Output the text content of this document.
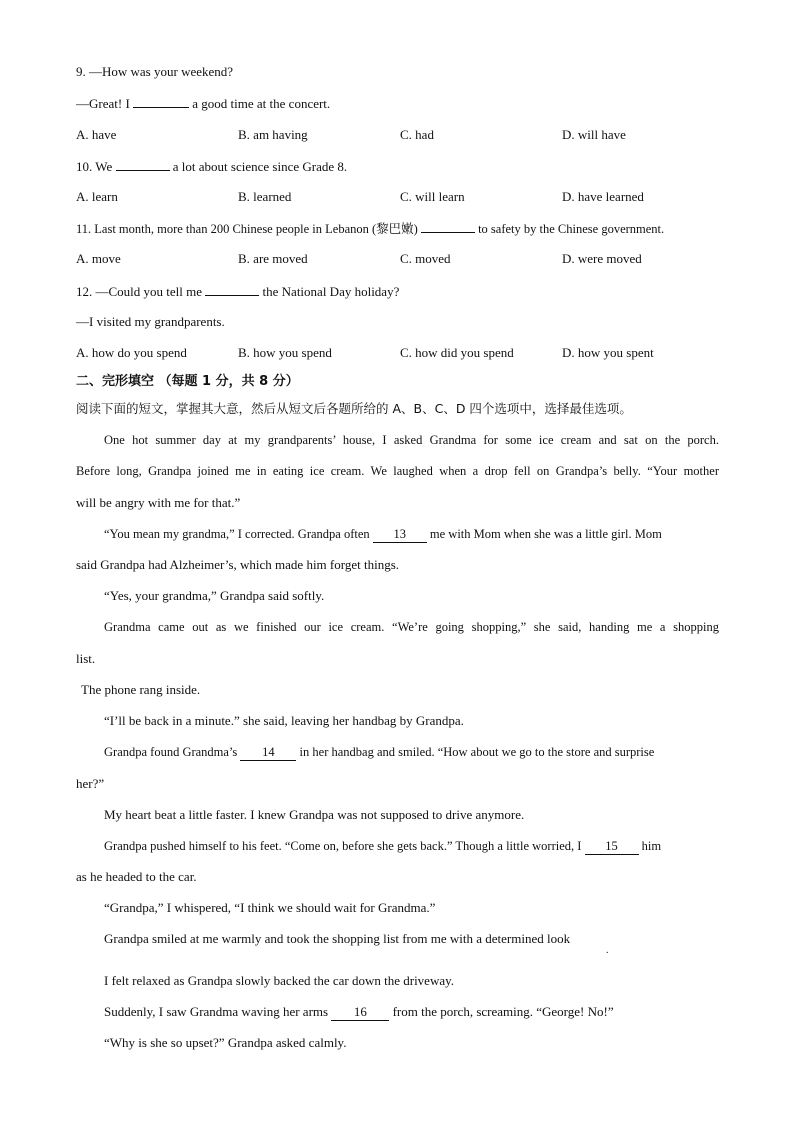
9. —How was your weekend?
—Great! I	a good time at the concert.
A. have	B. am having	C. had	D. will have
10. We	a lot about science since Grade 8.
A. learn	B. learned	C. will learn	D. have learned
11. Last month, more than 200 Chinese people in Lebanon (黎巴嫩)	to safety by the Chinese government.
A. move	B. are moved	C. moved	D. were moved
12. —Could you tell me	the National Day holiday?
—I visited my grandparents.
A. how do you spend	B. how you spend	C. how did you spend	D. how you spent
二、完形填空 （每题 1 分，共 8 分）
阅读下面的短文，掌握其大意，然后从短文后各题所给的 A、B、C、D 四个选项中，选择最佳选项。
One hot summer day at my grandparents’ house, I asked Grandma for some ice cream and sat on the porch.
Before long, Grandpa joined me in eating ice cream. We laughed when a drop fell on Grandpa’s belly. “Your mother
will be angry with me for that.”
“You mean my grandma,” I corrected. Grandpa often 13 me with Mom when she was a little girl. Mom
said Grandpa had Alzheimer’s, which made him forget things.
“Yes, your grandma,” Grandpa said softly.
Grandma came out as we finished our ice cream. “We’re going shopping,” she said, handing me a shopping
list.
The phone rang inside.
“I’ll be back in a minute.” she said, leaving her handbag by Grandpa.
Grandpa found Grandma’s 14 in her handbag and smiled. “How about we go to the store and surprise
her?”
My heart beat a little faster. I knew Grandpa was not supposed to drive anymore.
Grandpa pushed himself to his feet. “Come on, before she gets back.” Though a little worried, I 15 him
as he headed to the car.
“Grandpa,” I whispered, “I think we should wait for Grandma.”
Grandpa smiled at me warmly and took the shopping list from me with a determined look
.
I felt relaxed as Grandpa slowly backed the car down the driveway.
Suddenly, I saw Grandma waving her arms 16 from the porch, screaming. “George! No!”
“Why is she so upset?” Grandpa asked calmly.
